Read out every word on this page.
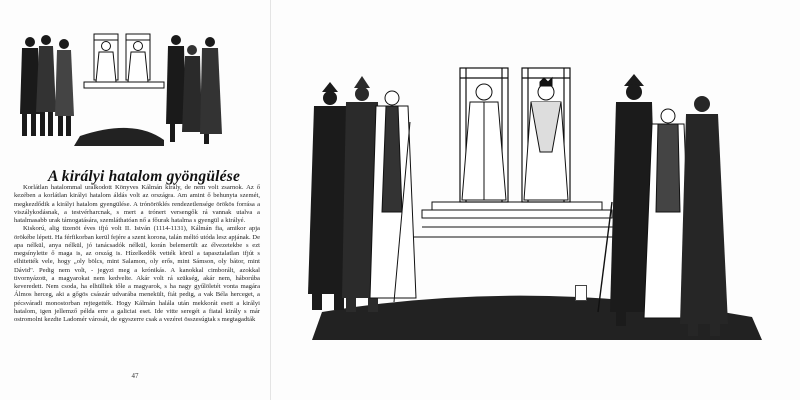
A királyi hatalom gyöngülése

Korlátlan hatalommal uralkodott Könyves Kálmán király, de nem volt zsarnok. Az ő kezében a korlátlan királyi hatalom áldás volt az országra. Am amint ő behunyta szemét, megkezdődik a királyi hatalom gyengülése. A trónöröklés rendezetlensége örökös forrása a viszálykodásnak, a testvérharcnak, s mert a trónert versengők rá vannak utalva a hatalmasabb urak támogatására, szemláthatóan nő a főurak hatalma s gyengül a királyé.

Kiskorú, alig tizenöt éves ifjú volt II. István (1114-1131), Kálmán fia, amikor apja örökébe lépett. Ha férfikorban kerül fejére a szent korona, talán méltó utóda lesz apjának. De apa nélkül, anya nélkül, jó tanácsadók nélkül, korán belemerült az élvezetekbe s ezt megsínylette ő maga is, az ország is. Hízelkedők vették körül a tapasztalatlan ifjút s elhitették vele, hogy „oly bölcs, mint Salamon, oly erős, mint Sámson, oly bátor, mint Dávid". Pedig nem volt, - jegyzi meg a krónikás. A kanokkal cimborált, azokkal tivornyázott, a magyarokat nem kedvelte. Akár volt rá szükség, akár nem, háborúba keveredett. Nem csoda, ha elhülltek tőle a magyarok, s ha nagy gyűlöletét vonta magára Álmos herceg, aki a gőgös császár udvarába menekült, fiát pedig, a vak Béla herceget, a pécsváradi monostorban rejtegették. Hogy Kálmán halála után mekkorát esett a királyi hatalom, igen jellemző példa erre a galiciai eset. Ide vitte seregét a fiatal király s már ostromolni kezdte Ladomér városát, de egyszerre csak a vezérei összesúgtak s megtagadták

47
